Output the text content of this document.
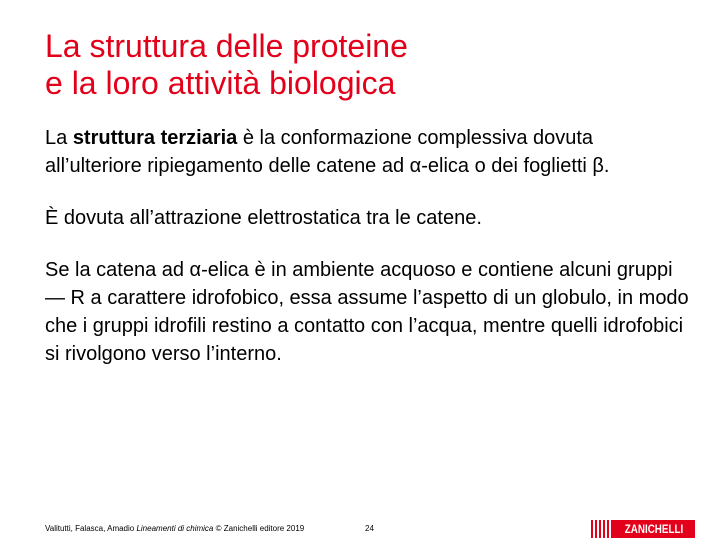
La struttura delle proteine
e la loro attività biologica

La struttura terziaria è la conformazione complessiva dovuta all’ulteriore ripiegamento delle catene ad α-elica o dei foglietti β.

È dovuta all’attrazione elettrostatica tra le catene.

Se la catena ad α-elica è in ambiente acquoso e contiene alcuni gruppi — R a carattere idrofobico, essa assume l’aspetto di un globulo, in modo che i gruppi idrofili restino a contatto con l’acqua, mentre quelli idrofobici si rivolgono verso l’interno.

Valitutti, Falasca, Amadio Lineamenti di chimica © Zanichelli editore 2019	24	ZANICHELLI
